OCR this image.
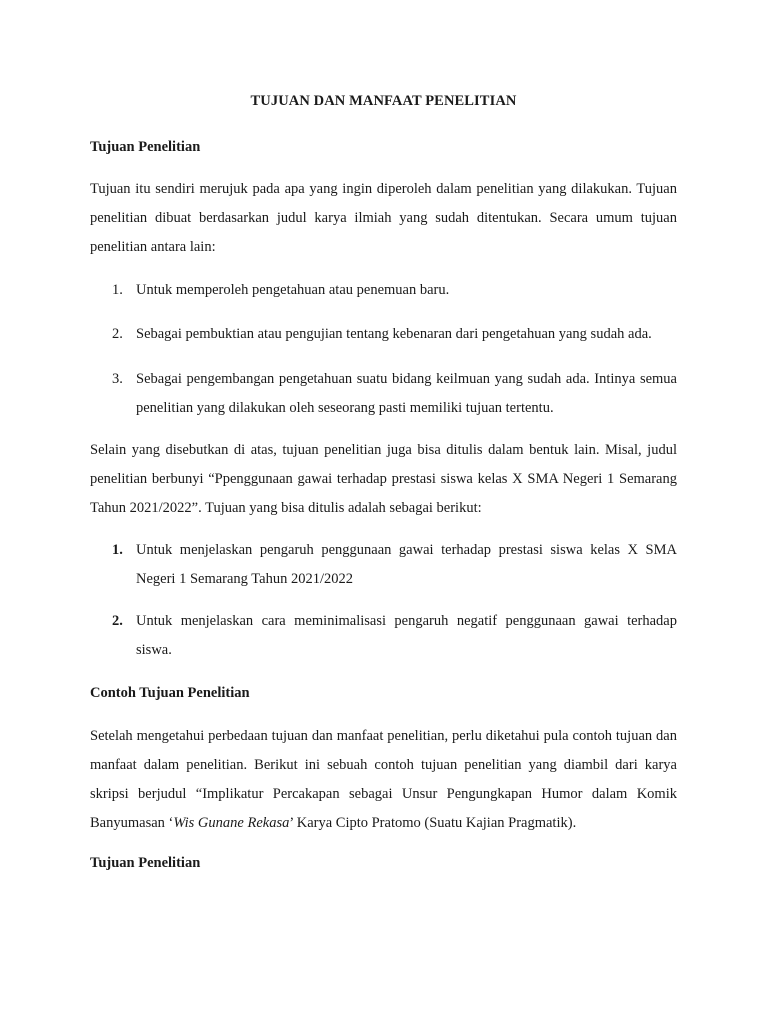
TUJUAN DAN MANFAAT PENELITIAN
Tujuan Penelitian
Tujuan itu sendiri merujuk pada apa yang ingin diperoleh dalam penelitian yang dilakukan. Tujuan penelitian dibuat berdasarkan judul karya ilmiah yang sudah ditentukan. Secara umum tujuan penelitian antara lain:
1. Untuk memperoleh pengetahuan atau penemuan baru.
2. Sebagai pembuktian atau pengujian tentang kebenaran dari pengetahuan yang sudah ada.
3. Sebagai pengembangan pengetahuan suatu bidang keilmuan yang sudah ada. Intinya semua penelitian yang dilakukan oleh seseorang pasti memiliki tujuan tertentu.
Selain yang disebutkan di atas, tujuan penelitian juga bisa ditulis dalam bentuk lain. Misal, judul penelitian berbunyi “Ppenggunaan gawai terhadap prestasi siswa kelas X SMA Negeri 1 Semarang Tahun 2021/2022”. Tujuan yang bisa ditulis adalah sebagai berikut:
1. Untuk menjelaskan pengaruh penggunaan gawai terhadap prestasi siswa kelas X SMA Negeri 1 Semarang Tahun 2021/2022
2. Untuk menjelaskan cara meminimalisasi pengaruh negatif penggunaan gawai terhadap siswa.
Contoh Tujuan Penelitian
Setelah mengetahui perbedaan tujuan dan manfaat penelitian, perlu diketahui pula contoh tujuan dan manfaat dalam penelitian. Berikut ini sebuah contoh tujuan penelitian yang diambil dari karya skripsi berjudul “Implikatur Percakapan sebagai Unsur Pengungkapan Humor dalam Komik Banyumasan ‘Wis Gunane Rekasa’ Karya Cipto Pratomo (Suatu Kajian Pragmatik).
Tujuan Penelitian
